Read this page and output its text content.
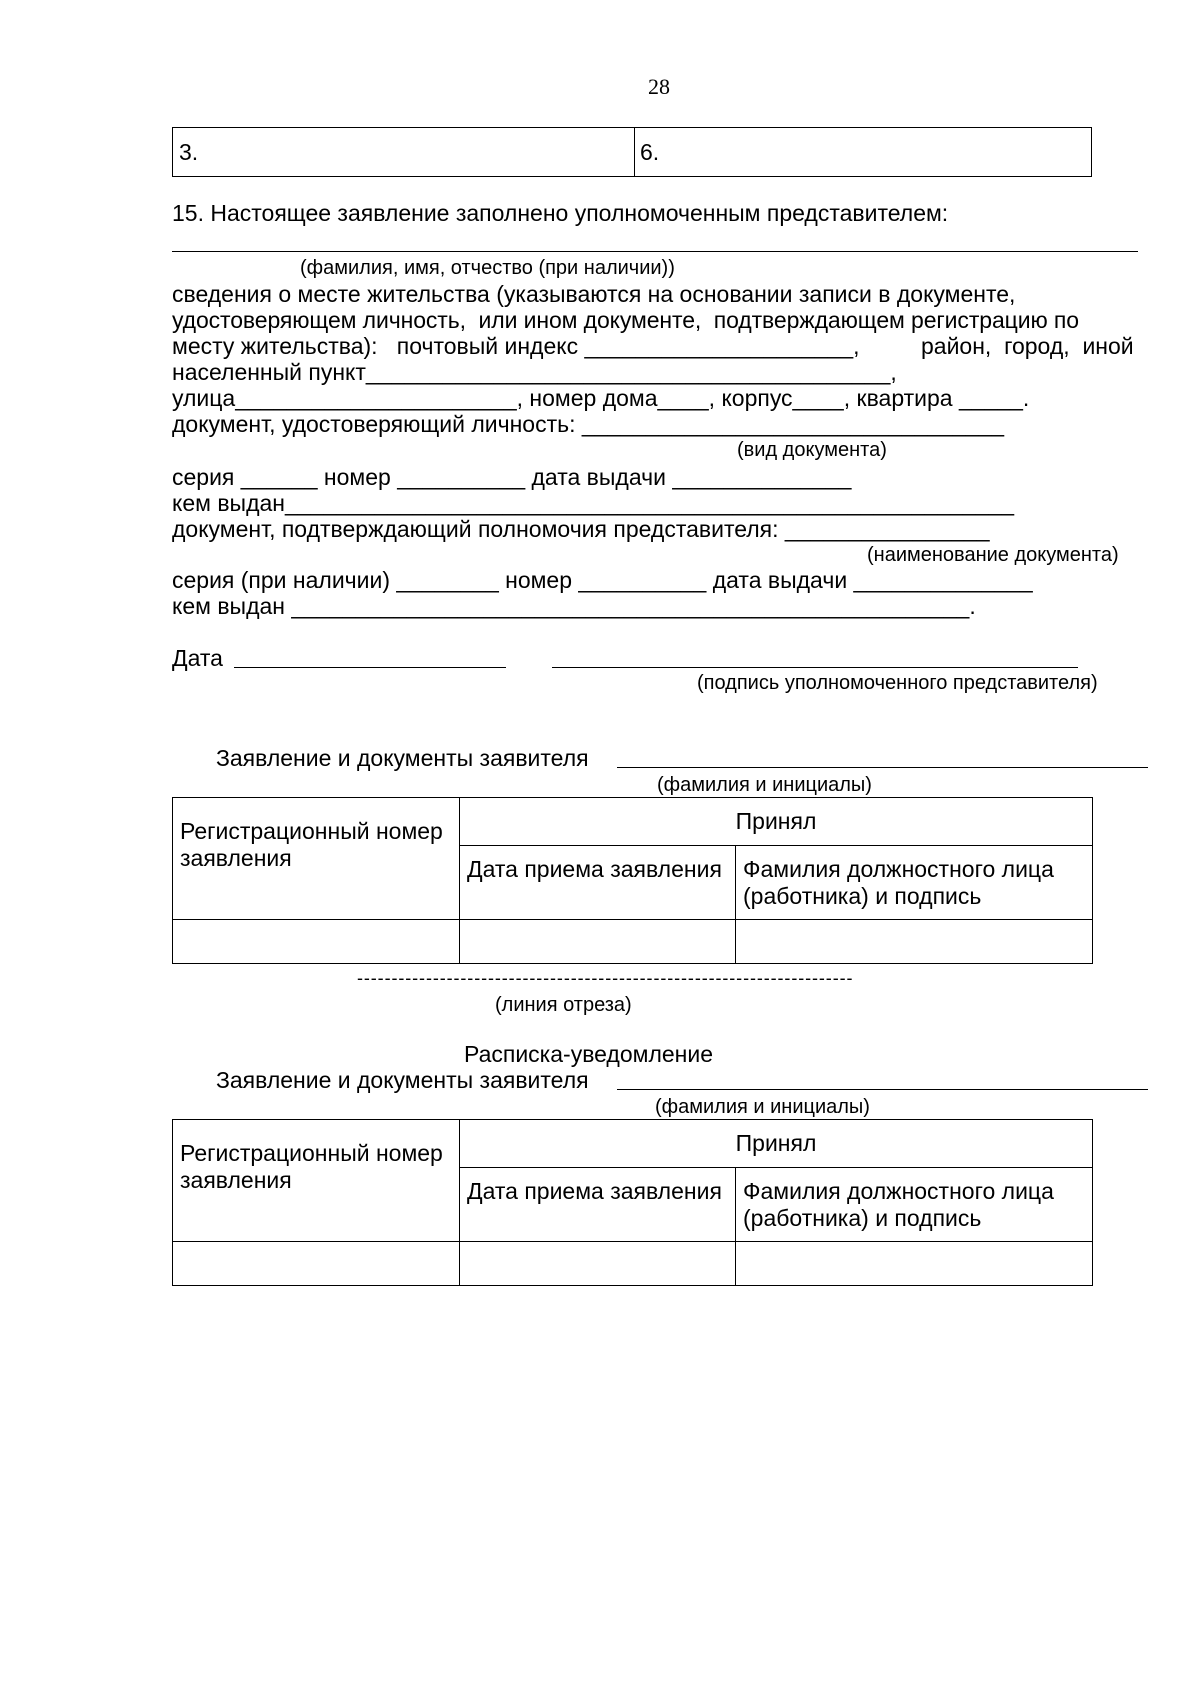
28
3.	6.
15. Настоящее заявление заполнено уполномоченным представителем:
(фамилия, имя, отчество (при наличии))
сведения о месте жительства (указываются на основании записи в документе,
удостоверяющем личность,  или ином документе,  подтверждающем регистрацию по
месту жительства):   почтовый индекс _____________________,	район,  город,  иной
населенный пункт_________________________________________,
улица______________________, номер дома____, корпус____, квартира _____.
документ, удостоверяющий личность: _________________________________
(вид документа)
серия ______ номер __________ дата выдачи ______________
кем выдан_________________________________________________________
документ, подтверждающий полномочия представителя: ________________
(наименование документа)
серия (при наличии) ________ номер __________ дата выдачи ______________
кем выдан _____________________________________________________.
Дата
(подпись уполномоченного представителя)
Заявление и документы заявителя
(фамилия и инициалы)
Регистрационный номер заявления	Принял	
	Дата приема заявления	Фамилия должностного лица (работника) и подпись

------------------------------------------------------------------------
(линия отреза)
Расписка-уведомление
Заявление и документы заявителя
(фамилия и инициалы)
Регистрационный номер заявления	Принял	
	Дата приема заявления	Фамилия должностного лица (работника) и подпись
